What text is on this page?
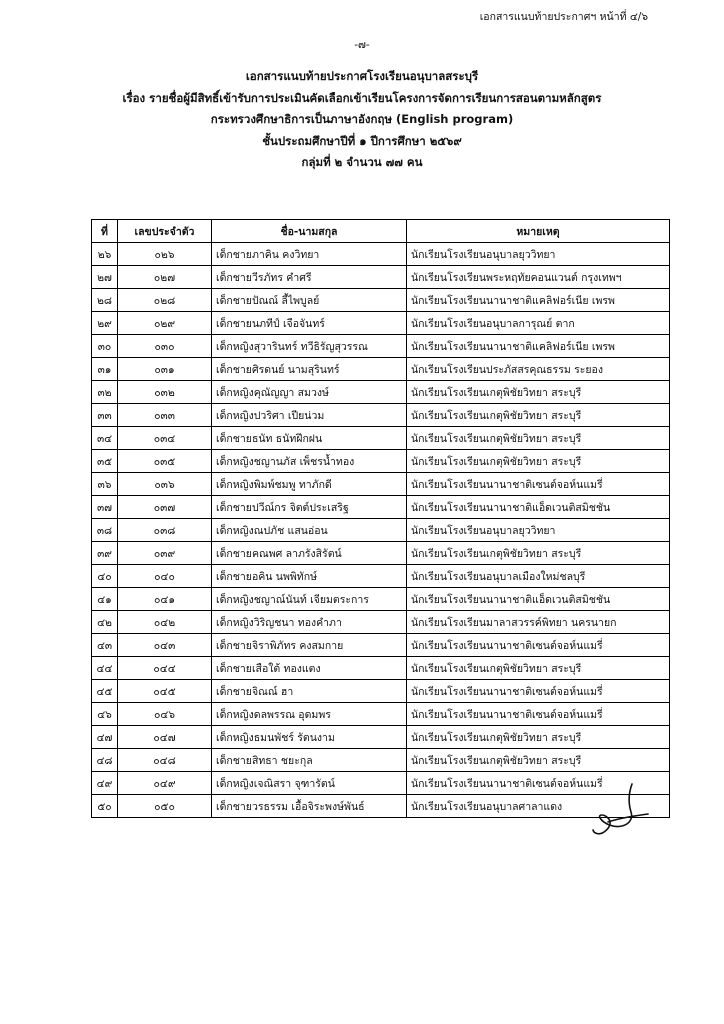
เอกสารแนบท้ายประกาศฯ หน้าที่ ๔/๖
-๗-
เอกสารแนบท้ายประกาศโรงเรียนอนุบาลสระบุรี
เรื่อง รายชื่อผู้มีสิทธิ์เข้ารับการประเมินคัดเลือกเข้าเรียนโครงการจัดการเรียนการสอนตามหลักสูตร
กระทรวงศึกษาธิการเป็นภาษาอังกฤษ (English program)
ชั้นประถมศึกษาปีที่ ๑ ปีการศึกษา ๒๕๖๙
กลุ่มที่ ๒ จำนวน ๗๗ คน
ที่	เลขประจำตัว	ชื่อ-นามสกุล	หมายเหตุ
๒๖	๐๒๖	เด็กชายภาคิน คงวิทยา	นักเรียนโรงเรียนอนุบาลยุววิทยา
๒๗	๐๒๗	เด็กชายวีรภัทร คำศรี	นักเรียนโรงเรียนพระหฤทัยคอนแวนต์ กรุงเทพฯ
๒๘	๐๒๘	เด็กชายปัณณ์ ลี้ไพบูลย์	นักเรียนโรงเรียนนานาชาติแคลิฟอร์เนีย เพรพ
๒๙	๐๒๙	เด็กชายนภทีป์ เจือจันทร์	นักเรียนโรงเรียนอนุบาลการุณย์ ตาก
๓๐	๐๓๐	เด็กหญิงสุวารินทร์ ทวีธิรัญสุวรรณ	นักเรียนโรงเรียนนานาชาติแคลิฟอร์เนีย เพรพ
๓๑	๐๓๑	เด็กชายศิรดนย์ นามสุรินทร์	นักเรียนโรงเรียนประภัสสรคุณธรรม ระยอง
๓๒	๐๓๒	เด็กหญิงคุณัญญา สมวงษ์	นักเรียนโรงเรียนเกตุพิชัยวิทยา สระบุรี
๓๓	๐๓๓	เด็กหญิงปวริศา เปียน่วม	นักเรียนโรงเรียนเกตุพิชัยวิทยา สระบุรี
๓๔	๐๓๔	เด็กชายธนัท ธนัทฝึกฝน	นักเรียนโรงเรียนเกตุพิชัยวิทยา สระบุรี
๓๕	๐๓๕	เด็กหญิงชญานภัส เพ็ชรน้ำทอง	นักเรียนโรงเรียนเกตุพิชัยวิทยา สระบุรี
๓๖	๐๓๖	เด็กหญิงพิมพ์ชมพู ทาภักดี	นักเรียนโรงเรียนนานาชาติเซนต์จอห์นแมรี่
๓๗	๐๓๗	เด็กชายปวีณ์กร จิตต์ประเสริฐ	นักเรียนโรงเรียนนานาชาติแอ็ดเวนติสมิชชัน
๓๘	๐๓๘	เด็กหญิงณปภัช แสนอ่อน	นักเรียนโรงเรียนอนุบาลยุววิทยา
๓๙	๐๓๙	เด็กชายคณพศ ลาภรังสิรัตน์	นักเรียนโรงเรียนเกตุพิชัยวิทยา สระบุรี
๔๐	๐๔๐	เด็กชายอคิน นพพิทักษ์	นักเรียนโรงเรียนอนุบาลเมืองใหม่ชลบุรี
๔๑	๐๔๑	เด็กหญิงชญาณ์นันท์ เจียมตระการ	นักเรียนโรงเรียนนานาชาติแอ็ดเวนติสมิชชัน
๔๒	๐๔๒	เด็กหญิงวิริญชนา ทองคำภา	นักเรียนโรงเรียนมาลาสวรรค์พิทยา นครนายก
๔๓	๐๔๓	เด็กชายจิราพิภัทร คงสมกาย	นักเรียนโรงเรียนนานาชาติเซนต์จอห์นแมรี่
๔๔	๐๔๔	เด็กชายเสือใต้ ทองแตง	นักเรียนโรงเรียนเกตุพิชัยวิทยา สระบุรี
๔๕	๐๔๕	เด็กชายจิณณ์ ฮา	นักเรียนโรงเรียนนานาชาติเซนต์จอห์นแมรี่
๔๖	๐๔๖	เด็กหญิงดลพรรณ อุดมพร	นักเรียนโรงเรียนนานาชาติเซนต์จอห์นแมรี่
๔๗	๐๔๗	เด็กหญิงธมนพัชร์ รัตนงาม	นักเรียนโรงเรียนเกตุพิชัยวิทยา สระบุรี
๔๘	๐๔๘	เด็กชายสิทธา ชยะกุล	นักเรียนโรงเรียนเกตุพิชัยวิทยา สระบุรี
๔๙	๐๔๙	เด็กหญิงเจณิสรา จุฑารัตน์	นักเรียนโรงเรียนนานาชาติเซนต์จอห์นแมรี่
๕๐	๐๕๐	เด็กชายวรธรรม เอื้อจิระพงษ์พันธ์	นักเรียนโรงเรียนอนุบาลศาลาแดง
